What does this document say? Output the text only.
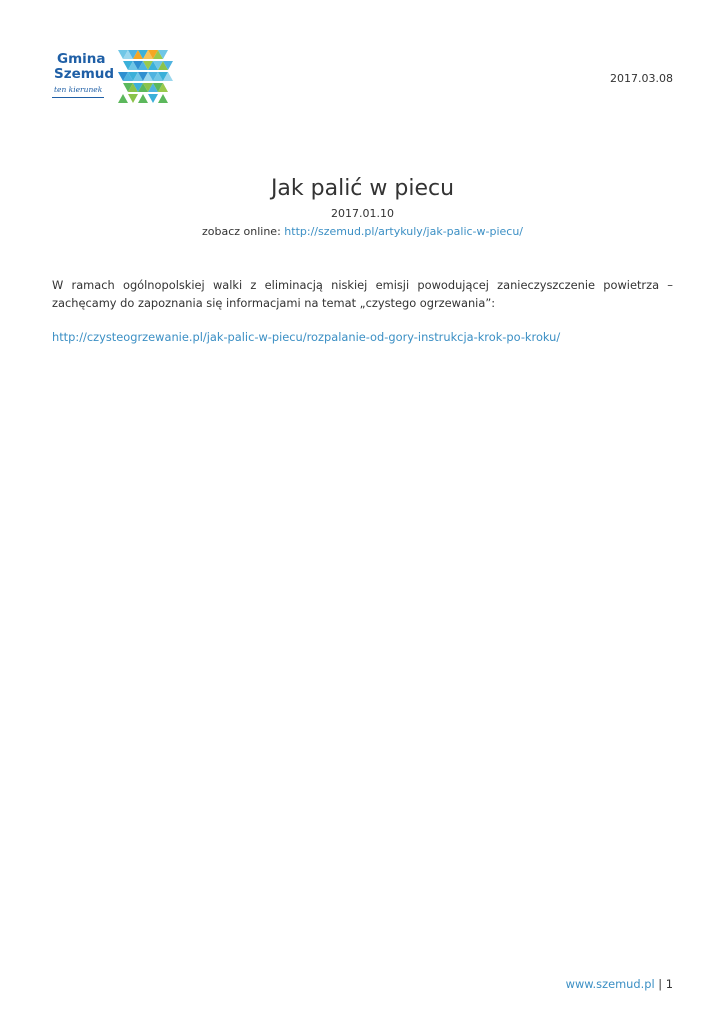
Gmina
Szemud
ten kierunek
2017.03.08
Jak palić w piecu
2017.01.10
zobacz online: http://szemud.pl/artykuly/jak-palic-w-piecu/

W ramach ogólnopolskiej walki z eliminacją niskiej emisji powodującej zanieczyszczenie powietrza – zachęcamy do zapoznania się informacjami na temat „czystego ogrzewania”:

http://czysteogrzewanie.pl/jak-palic-w-piecu/rozpalanie-od-gory-instrukcja-krok-po-kroku/

www.szemud.pl | 1
